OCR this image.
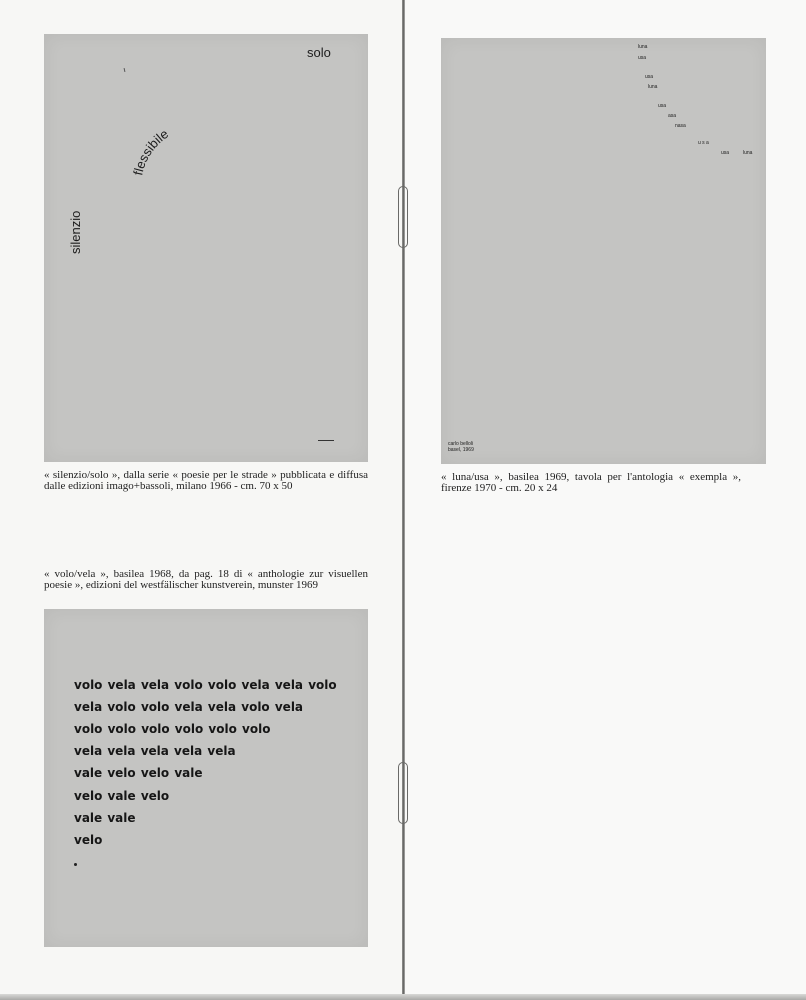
solo
flessibile
silenzio

« silenzio/solo », dalla serie « poesie per le strade » pubblicata e diffusa dalle edizioni imago+bassoli, milano 1966 - cm. 70 x 50

« volo/vela », basilea 1968, da pag. 18 di « anthologie zur visuellen poesie », edizioni del westfälischer kunstverein, munster 1969

volo vela vela volo volo vela vela volo

vela volo volo vela vela volo vela

volo volo volo volo volo volo

vela vela vela vela vela

vale velo velo vale

velo vale velo

vale vale

velo

luna
usa
usa
luna
usa
asa
nasa
u s a
usa	luna
carlo belloli
basel, 1969

« luna/usa », basilea 1969, tavola per l'antologia « exempla », firenze 1970 - cm. 20 x 24
